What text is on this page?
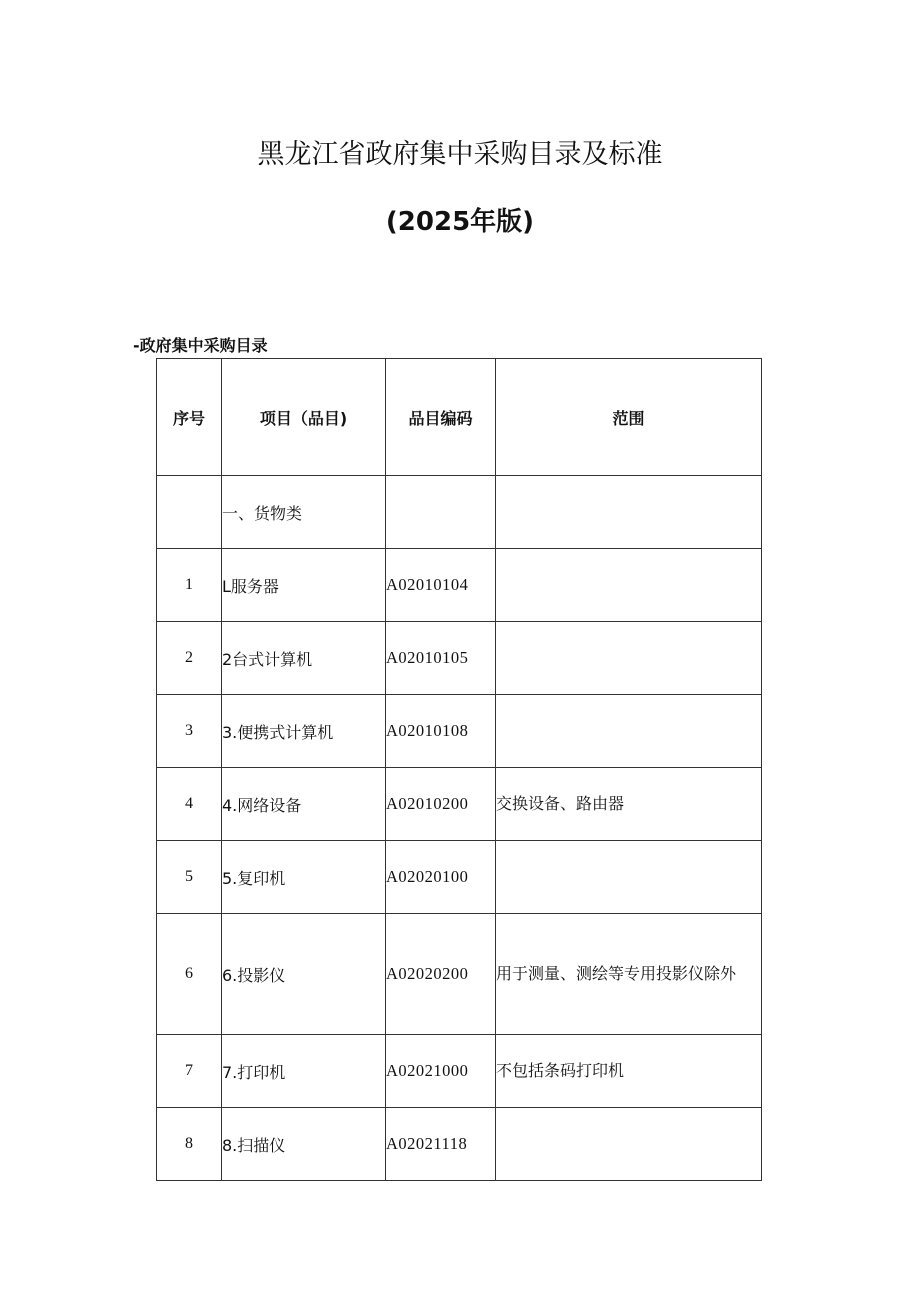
黑龙江省政府集中采购目录及标准
(2025年版)
-政府集中采购目录
序号	项目（品目)	品目编码	范围
	一、货物类		
1	L服务器	A02010104	
2	2台式计算机	A02010105	
3	3.便携式计算机	A02010108	
4	4.网络设备	A02010200	交换设备、路由器
5	5.复印机	A02020100	
6	6.投影仪	A02020200	用于测量、测绘等专用投影仪除外
7	7.打印机	A02021000	不包括条码打印机
8	8.扫描仪	A02021118	
